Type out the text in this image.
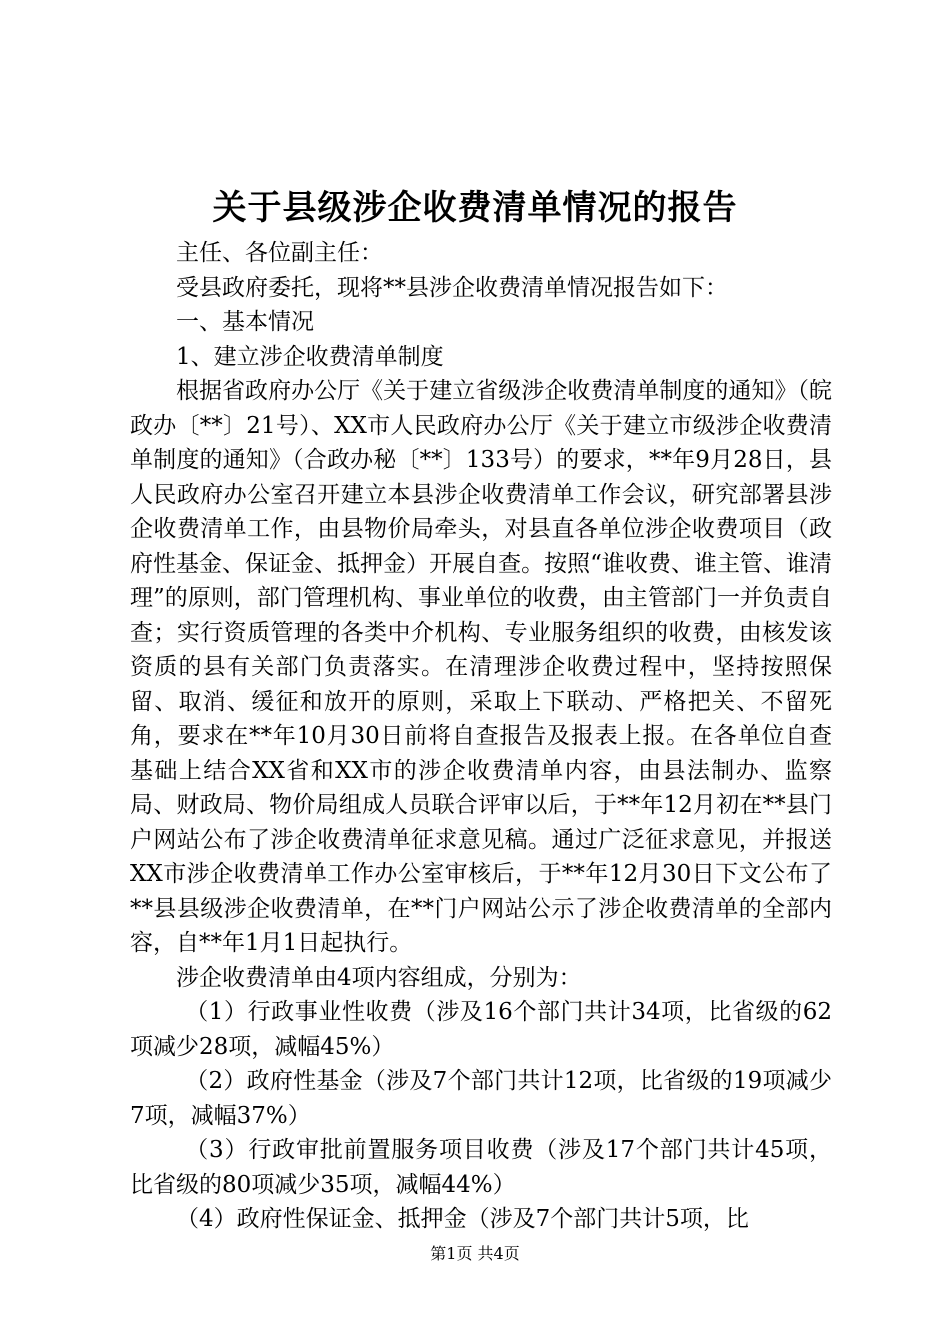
关于县级涉企收费清单情况的报告

主任、各位副主任：

受县政府委托，现将**县涉企收费清单情况报告如下：

一、基本情况

1、建立涉企收费清单制度

根据省政府办公厅《关于建立省级涉企收费清单制度的通知》（皖政办〔**〕21号）、XX市人民政府办公厅《关于建立市级涉企收费清单制度的通知》（合政办秘〔**〕133号）的要求，**年9月28日，县人民政府办公室召开建立本县涉企收费清单工作会议，研究部署县涉企收费清单工作，由县物价局牵头，对县直各单位涉企收费项目（政府性基金、保证金、抵押金）开展自查。按照“谁收费、谁主管、谁清理”的原则，部门管理机构、事业单位的收费，由主管部门一并负责自查；实行资质管理的各类中介机构、专业服务组织的收费，由核发该资质的县有关部门负责落实。在清理涉企收费过程中，坚持按照保留、取消、缓征和放开的原则，采取上下联动、严格把关、不留死角，要求在**年10月30日前将自查报告及报表上报。在各单位自查基础上结合XX省和XX市的涉企收费清单内容，由县法制办、监察局、财政局、物价局组成人员联合评审以后，于**年12月初在**县门户网站公布了涉企收费清单征求意见稿。通过广泛征求意见，并报送XX市涉企收费清单工作办公室审核后，于**年12月30日下文公布了**县县级涉企收费清单，在**门户网站公示了涉企收费清单的全部内容，自**年1月1日起执行。

涉企收费清单由4项内容组成，分别为：

（1）行政事业性收费（涉及16个部门共计34项，比省级的62项减少28项，减幅45%）

（2）政府性基金（涉及7个部门共计12项，比省级的19项减少7项，减幅37%）

（3）行政审批前置服务项目收费（涉及17个部门共计45项，比省级的80项减少35项，减幅44%）

（4）政府性保证金、抵押金（涉及7个部门共计5项，比

第1页 共4页
